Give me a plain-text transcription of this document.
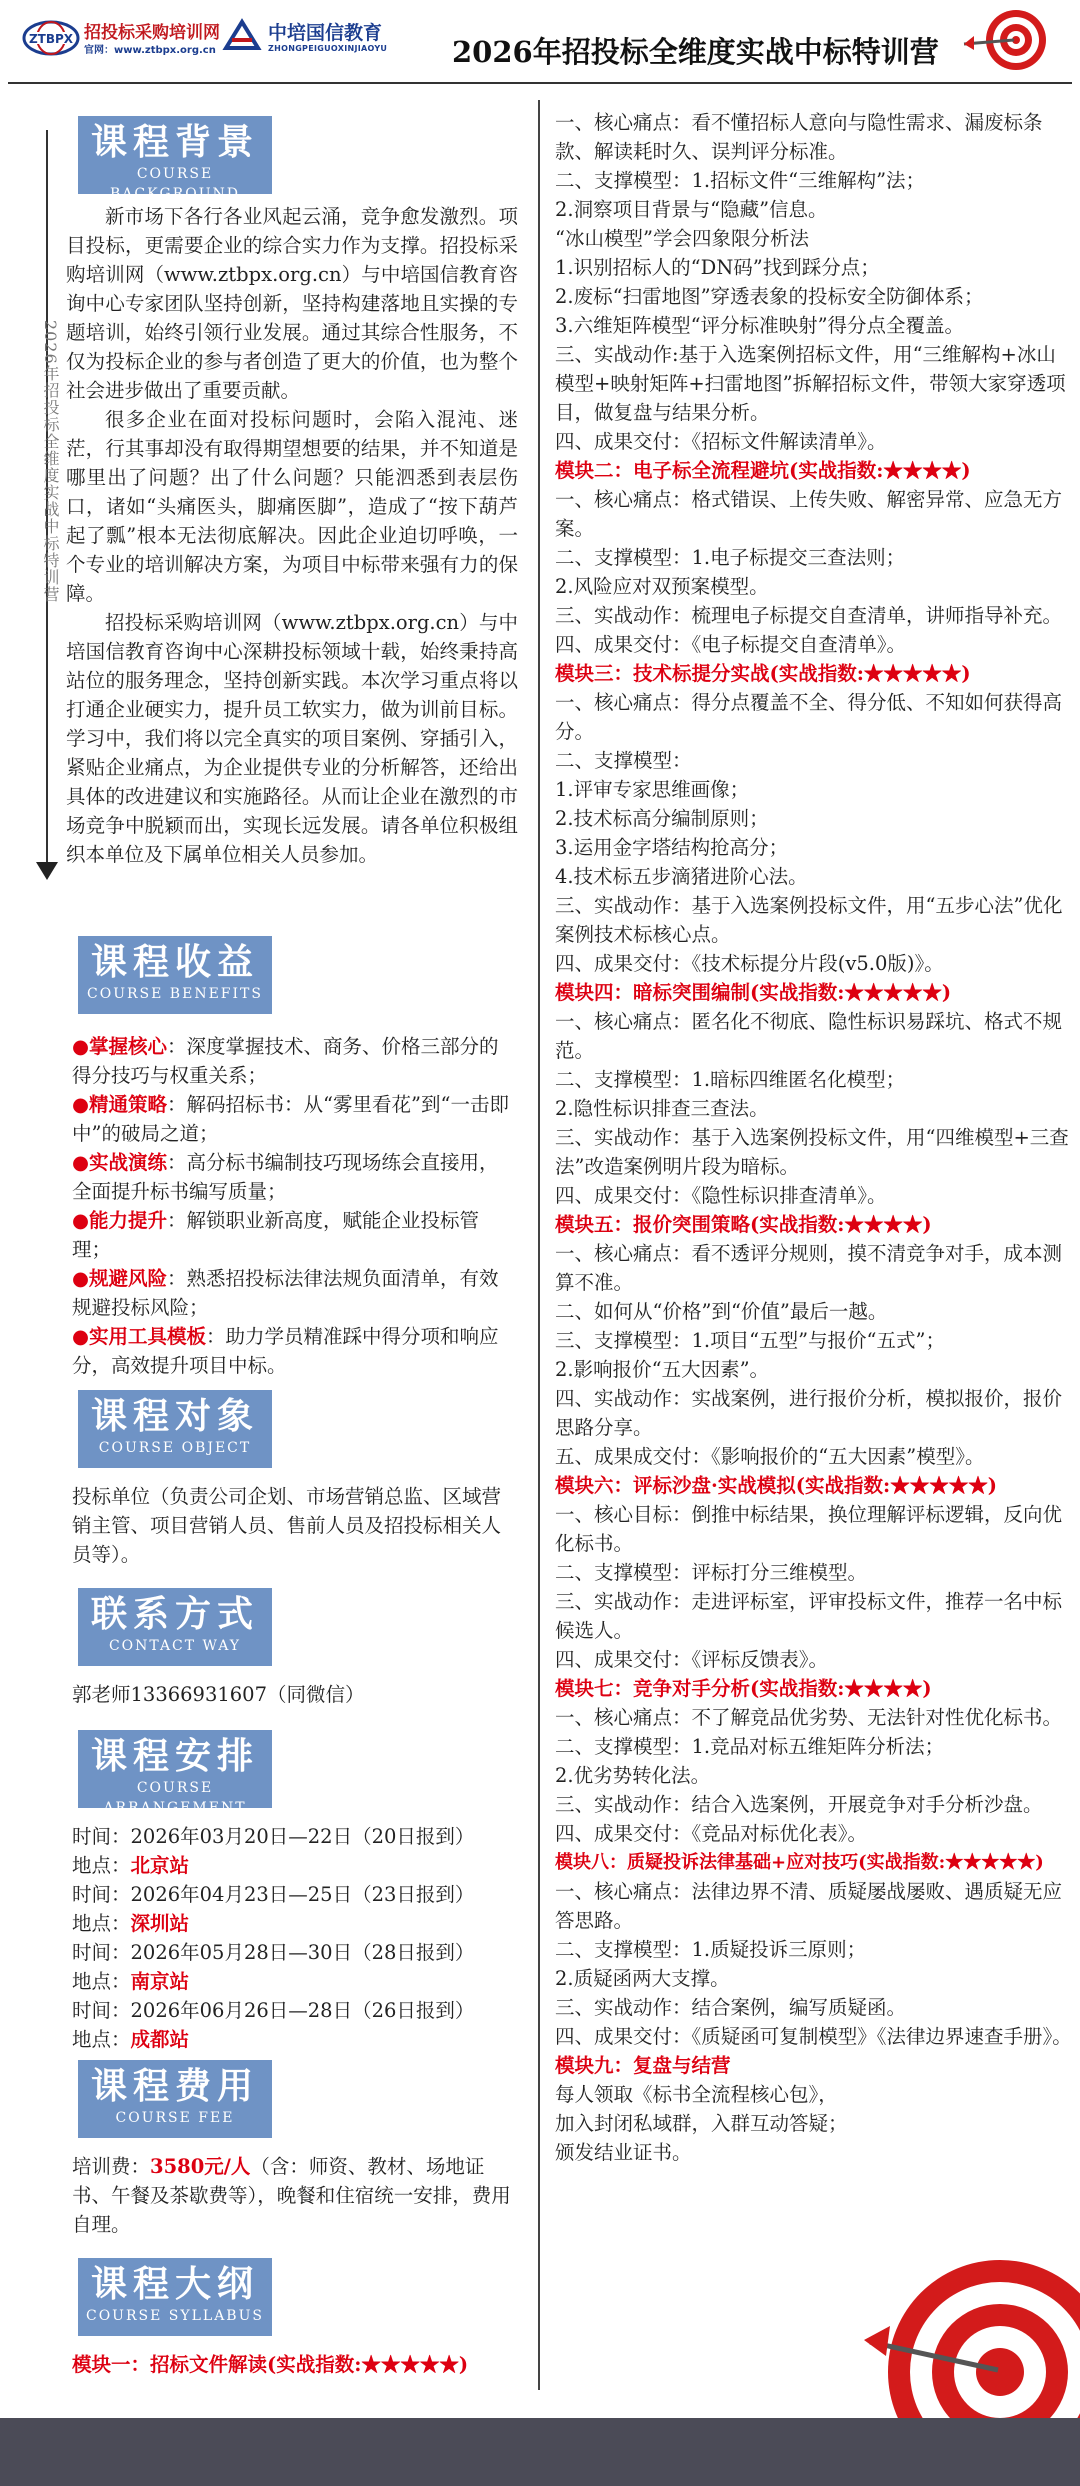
ZTBPX 招投标采购培训网
官网：www.ztbpx.org.cn
中培国信教育
ZHONGPEIGUOXINJIAOYU 2026年招投标全维度实战中标特训营
2026年招投标全维度实战中标特训营
课程背景
COURSE BACKGROUND

新市场下各行各业风起云涌，竞争愈发激烈。项目投标，更需要企业的综合实力作为支撑。招投标采购培训网（www.ztbpx.org.cn）与中培国信教育咨询中心专家团队坚持创新，坚持构建落地且实操的专题培训，始终引领行业发展。通过其综合性服务，不仅为投标企业的参与者创造了更大的价值，也为整个社会进步做出了重要贡献。

很多企业在面对投标问题时，会陷入混沌、迷茫，行其事却没有取得期望想要的结果，并不知道是哪里出了问题？出了什么问题？只能泗悉到表层伤口，诸如“头痛医头，脚痛医脚”，造成了“按下葫芦起了瓢”根本无法彻底解决。因此企业迫切呼唤，一个专业的培训解决方案，为项目中标带来强有力的保障。

招投标采购培训网（www.ztbpx.org.cn）与中培国信教育咨询中心深耕投标领域十载，始终秉持高站位的服务理念，坚持创新实践。本次学习重点将以打通企业硬实力，提升员工软实力，做为训前目标。学习中，我们将以完全真实的项目案例、穿插引入，紧贴企业痛点，为企业提供专业的分析解答，还给出具体的改进建议和实施路径。从而让企业在激烈的市场竞争中脱颖而出，实现长远发展。请各单位积极组织本单位及下属单位相关人员参加。

课程收益
COURSE BENEFITS
●掌握核心：深度掌握技术、商务、价格三部分的得分技巧与权重关系；
●精通策略：解码招标书：从“雾里看花”到“一击即中”的破局之道；
●实战演练：高分标书编制技巧现场练会直接用，全面提升标书编写质量；
●能力提升：解锁职业新高度，赋能企业投标管理；
●规避风险：熟悉招投标法律法规负面清单，有效规避投标风险；
●实用工具模板：助力学员精准踩中得分项和响应分，高效提升项目中标。
课程对象
COURSE OBJECT
投标单位（负责公司企划、市场营销总监、区域营销主管、项目营销人员、售前人员及招投标相关人员等）。
联系方式
CONTACT WAY
郭老师13366931607（同微信）
课程安排
COURSE ARRANGEMENT
时间：2026年03月20日—22日（20日报到）
地点：北京站
时间：2026年04月23日—25日（23日报到）
地点：深圳站
时间：2026年05月28日—30日（28日报到）
地点：南京站
时间：2026年06月26日—28日（26日报到）
地点：成都站
课程费用
COURSE FEE
培训费：3580元/人（含：师资、教材、场地证书、午餐及茶歇费等），晚餐和住宿统一安排，费用自理。
课程大纲
COURSE SYLLABUS
模块一：招标文件解读(实战指数:★★★★★)
一、核心痛点：看不懂招标人意向与隐性需求、漏废标条款、解读耗时久、误判评分标准。
二、支撑模型：1.招标文件“三维解构”法；
2.洞察项目背景与“隐藏”信息。
“冰山模型”学会四象限分析法
1.识别招标人的“DN码”找到踩分点；
2.废标“扫雷地图”穿透表象的投标安全防御体系；
3.六维矩阵模型“评分标准映射”得分点全覆盖。
三、实战动作:基于入选案例招标文件，用“三维解构+冰山模型+映射矩阵+扫雷地图”拆解招标文件，带领大家穿透项目，做复盘与结果分析。
四、成果交付：《招标文件解读清单》。
模块二：电子标全流程避坑(实战指数:★★★★)
一、核心痛点：格式错误、上传失败、解密异常、应急无方案。
二、支撑模型：1.电子标提交三查法则；
2.风险应对双预案模型。
三、实战动作：梳理电子标提交自查清单，讲师指导补充。
四、成果交付：《电子标提交自查清单》。
模块三：技术标提分实战(实战指数:★★★★★)
一、核心痛点：得分点覆盖不全、得分低、不知如何获得高分。
二、支撑模型：
1.评审专家思维画像；
2.技术标高分编制原则；
3.运用金字塔结构抢高分；
4.技术标五步滴猪进阶心法。
三、实战动作：基于入选案例投标文件，用“五步心法”优化案例技术标核心点。
四、成果交付：《技术标提分片段(v5.0版)》。
模块四：暗标突围编制(实战指数:★★★★★)
一、核心痛点：匿名化不彻底、隐性标识易踩坑、格式不规范。
二、支撑模型：1.暗标四维匿名化模型；
2.隐性标识排查三查法。
三、实战动作：基于入选案例投标文件，用“四维模型+三查法”改造案例明片段为暗标。
四、成果交付：《隐性标识排查清单》。
模块五：报价突围策略(实战指数:★★★★)
一、核心痛点：看不透评分规则，摸不清竞争对手，成本测算不准。
二、如何从“价格”到“价值”最后一越。
三、支撑模型：1.项目“五型”与报价“五式”；
2.影响报价“五大因素”。
四、实战动作：实战案例，进行报价分析，模拟报价，报价思路分享。
五、成果成交付：《影响报价的“五大因素”模型》。
模块六：评标沙盘·实战模拟(实战指数:★★★★★)
一、核心目标：倒推中标结果，换位理解评标逻辑，反向优化标书。
二、支撑模型：评标打分三维模型。
三、实战动作：走进评标室，评审投标文件，推荐一名中标候选人。
四、成果交付：《评标反馈表》。
模块七：竞争对手分析(实战指数:★★★★)
一、核心痛点：不了解竞品优劣势、无法针对性优化标书。
二、支撑模型：1.竞品对标五维矩阵分析法；
2.优劣势转化法。
三、实战动作：结合入选案例，开展竞争对手分析沙盘。
四、成果交付：《竞品对标优化表》。
模块八：质疑投诉法律基础+应对技巧(实战指数:★★★★★)
一、核心痛点：法律边界不清、质疑屡战屡败、遇质疑无应答思路。
二、支撑模型：1.质疑投诉三原则；
2.质疑函两大支撑。
三、实战动作：结合案例，编写质疑函。
四、成果交付：《质疑函可复制模型》《法律边界速查手册》。
模块九：复盘与结营
每人领取《标书全流程核心包》，
加入封闭私域群，入群互动答疑；
颁发结业证书。
